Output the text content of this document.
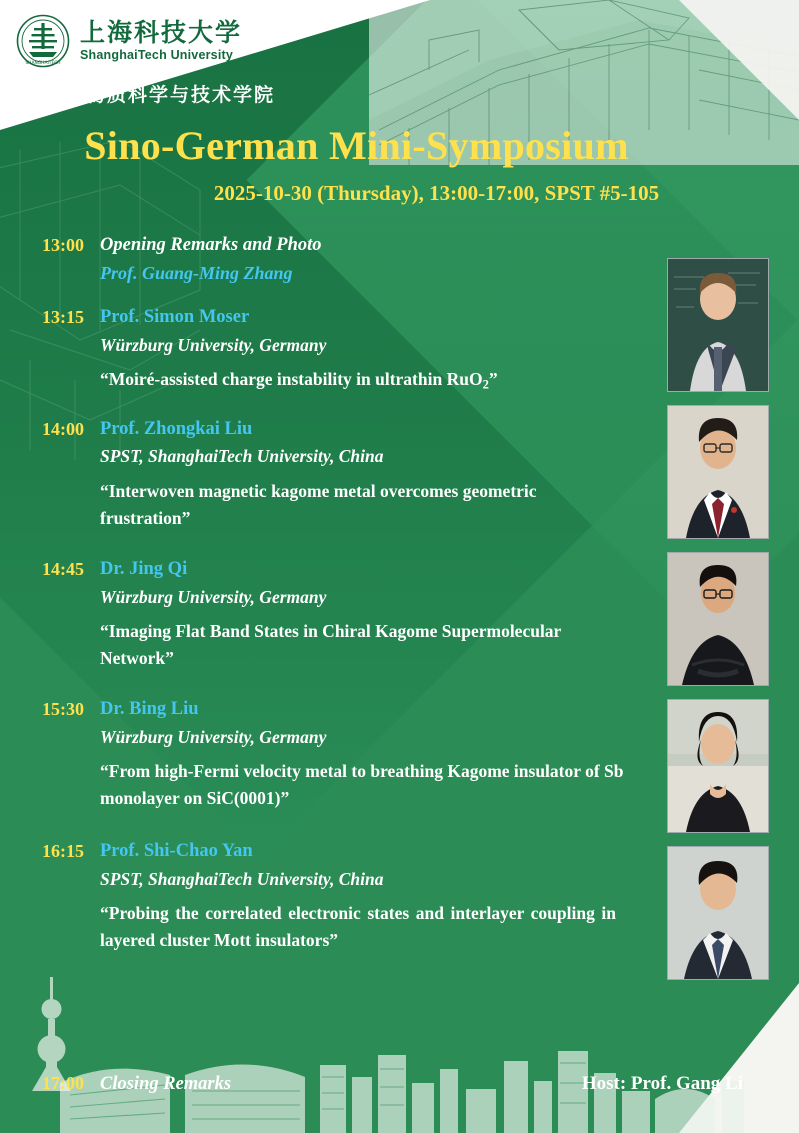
SHANGHAITECH
上海科技大学
ShanghaiTech University
物质科学与技术学院
Sino-German Mini-Symposium
2025-10-30 (Thursday), 13:00-17:00, SPST #5-105
13:00 Opening Remarks and Photo
Prof. Guang-Ming Zhang
13:15 Prof. Simon Moser
Würzburg University, Germany
“Moiré-assisted charge instability in ultrathin RuO$_2$”
14:00 Prof. Zhongkai Liu
SPST, ShanghaiTech University, China
“Interwoven magnetic kagome metal overcomes geometric frustration”
14:45 Dr. Jing Qi
Würzburg University, Germany
“Imaging Flat Band States in Chiral Kagome Supermolecular Network”
15:30 Dr. Bing Liu
Würzburg University, Germany
“From high-Fermi velocity metal to breathing Kagome insulator of Sb monolayer on SiC(0001)”
16:15 Prof. Shi-Chao Yan
SPST, ShanghaiTech University, China
“Probing the correlated electronic states and interlayer coupling in layered cluster Mott insulators”
17:00 Closing Remarks	Host: Prof. Gang Li
